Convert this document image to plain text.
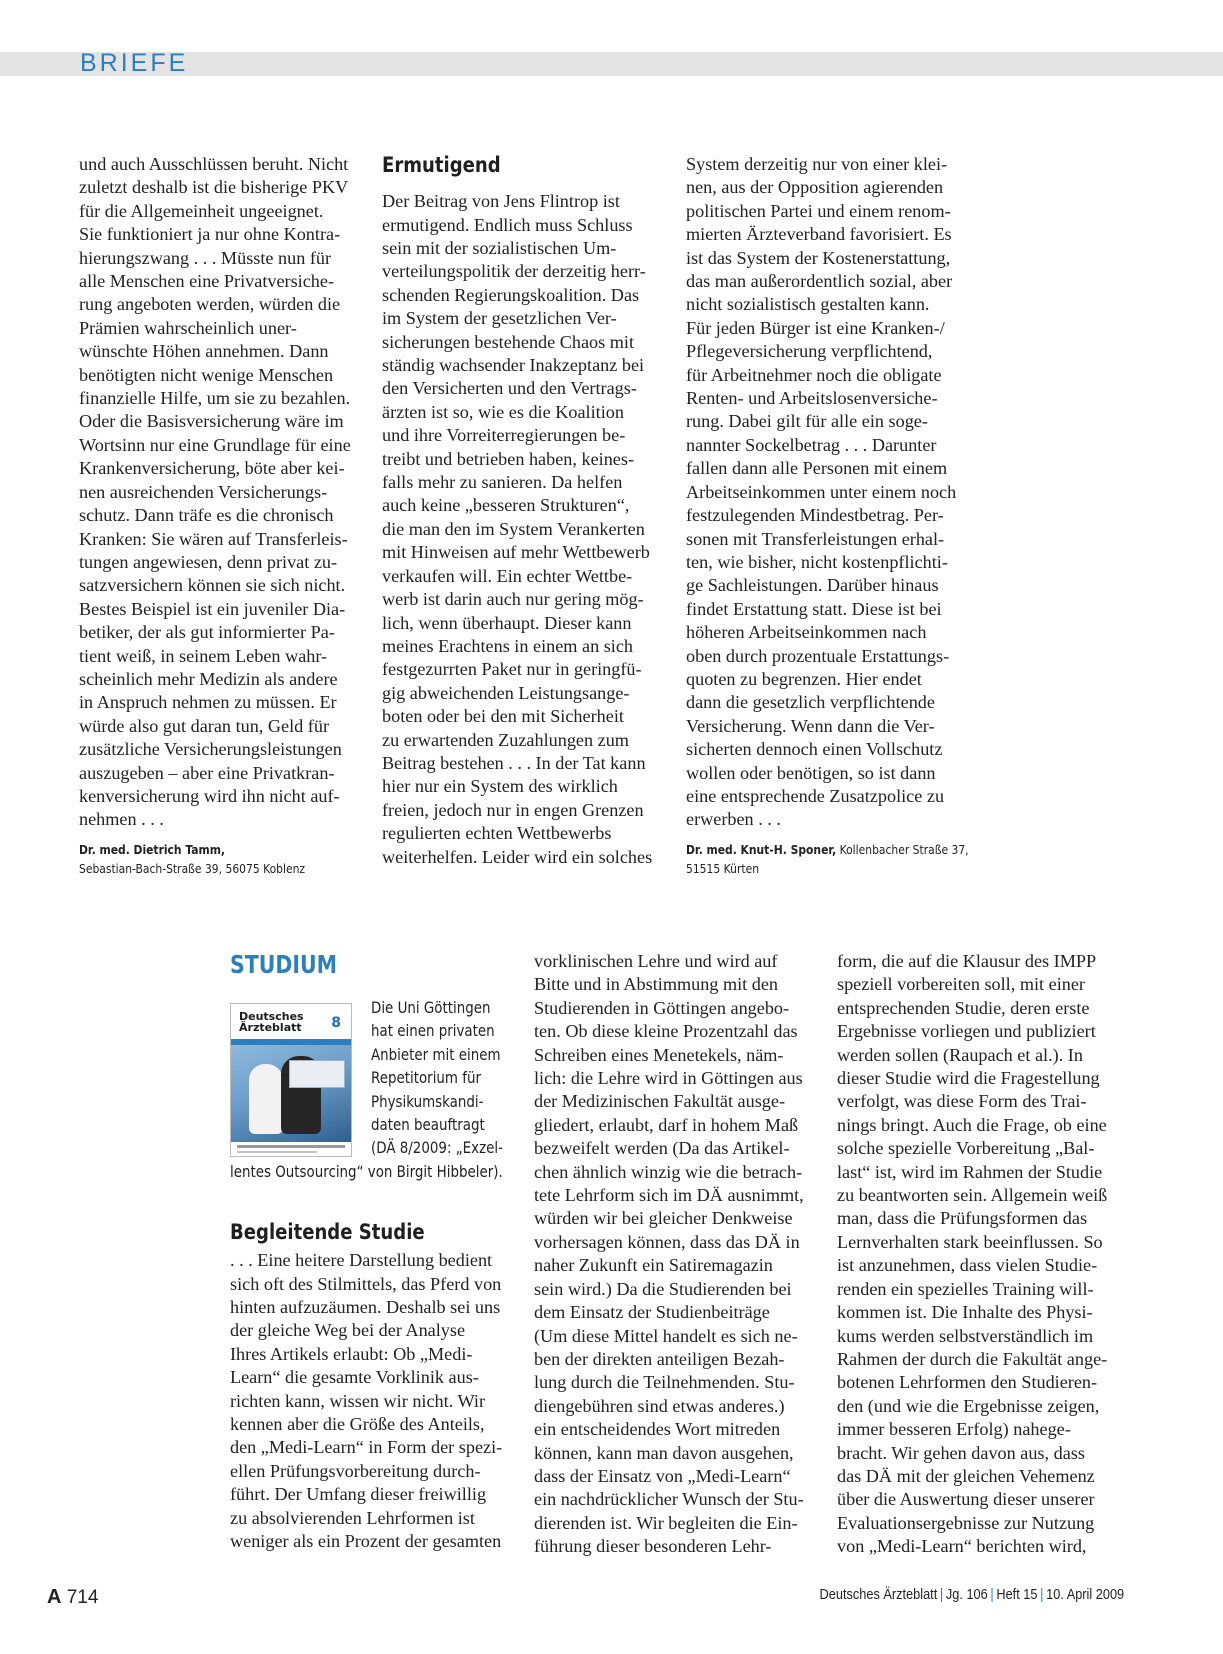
BRIEFE

und auch Ausschlüssen beruht. Nicht
zuletzt deshalb ist die bisherige PKV
für die Allgemeinheit ungeeignet.
Sie funktioniert ja nur ohne Kontra-
hierungszwang . . . Müsste nun für
alle Menschen eine Privatversiche-
rung angeboten werden, würden die
Prämien wahrscheinlich uner-
wünschte Höhen annehmen. Dann
benötigten nicht wenige Menschen
finanzielle Hilfe, um sie zu bezahlen.
Oder die Basisversicherung wäre im
Wortsinn nur eine Grundlage für eine
Krankenversicherung, böte aber kei-
nen ausreichenden Versicherungs-
schutz. Dann träfe es die chronisch
Kranken: Sie wären auf Transferleis-
tungen angewiesen, denn privat zu-
satzversichern können sie sich nicht.
Bestes Beispiel ist ein juveniler Dia-
betiker, der als gut informierter Pa-
tient weiß, in seinem Leben wahr-
scheinlich mehr Medizin als andere
in Anspruch nehmen zu müssen. Er
würde also gut daran tun, Geld für
zusätzliche Versicherungsleistungen
auszugeben – aber eine Privatkran-
kenversicherung wird ihn nicht auf-
nehmen . . .

Dr. med. Dietrich Tamm,
Sebastian-Bach-Straße 39, 56075 Koblenz
Ermutigend

Der Beitrag von Jens Flintrop ist
ermutigend. Endlich muss Schluss
sein mit der sozialistischen Um-
verteilungspolitik der derzeitig herr-
schenden Regierungskoalition. Das
im System der gesetzlichen Ver-
sicherungen bestehende Chaos mit
ständig wachsender Inakzeptanz bei
den Versicherten und den Vertrags-
ärzten ist so, wie es die Koalition
und ihre Vorreiterregierungen be-
treibt und betrieben haben, keines-
falls mehr zu sanieren. Da helfen
auch keine „besseren Strukturen“,
die man den im System Verankerten
mit Hinweisen auf mehr Wettbewerb
verkaufen will. Ein echter Wettbe-
werb ist darin auch nur gering mög-
lich, wenn überhaupt. Dieser kann
meines Erachtens in einem an sich
festgezurrten Paket nur in geringfü-
gig abweichenden Leistungsange-
boten oder bei den mit Sicherheit
zu erwartenden Zuzahlungen zum
Beitrag bestehen . . . In der Tat kann
hier nur ein System des wirklich
freien, jedoch nur in engen Grenzen
regulierten echten Wettbewerbs
weiterhelfen. Leider wird ein solches

System derzeitig nur von einer klei-
nen, aus der Opposition agierenden
politischen Partei und einem renom-
mierten Ärzteverband favorisiert. Es
ist das System der Kostenerstattung,
das man außerordentlich sozial, aber
nicht sozialistisch gestalten kann.
Für jeden Bürger ist eine Kranken-/
Pflegeversicherung verpflichtend,
für Arbeitnehmer noch die obligate
Renten- und Arbeitslosenversiche-
rung. Dabei gilt für alle ein soge-
nannter Sockelbetrag . . . Darunter
fallen dann alle Personen mit einem
Arbeitseinkommen unter einem noch
festzulegenden Mindestbetrag. Per-
sonen mit Transferleistungen erhal-
ten, wie bisher, nicht kostenpflichti-
ge Sachleistungen. Darüber hinaus
findet Erstattung statt. Diese ist bei
höheren Arbeitseinkommen nach
oben durch prozentuale Erstattungs-
quoten zu begrenzen. Hier endet
dann die gesetzlich verpflichtende
Versicherung. Wenn dann die Ver-
sicherten dennoch einen Vollschutz
wollen oder benötigen, so ist dann
eine entsprechende Zusatzpolice zu
erwerben . . .

Dr. med. Knut-H. Sponer, Kollenbacher Straße 37,
51515 Kürten
STUDIUM
Deutsches
Ärzteblatt 8
Die Uni Göttingen
hat einen privaten
Anbieter mit einem
Repetitorium für
Physikumskandi-
daten beauftragt
(DÄ 8/2009: „Exzel-
lentes Outsourcing“ von Birgit Hibbeler).
Begleitende Studie

. . . Eine heitere Darstellung bedient
sich oft des Stilmittels, das Pferd von
hinten aufzuzäumen. Deshalb sei uns
der gleiche Weg bei der Analyse
Ihres Artikels erlaubt: Ob „Medi-
Learn“ die gesamte Vorklinik aus-
richten kann, wissen wir nicht. Wir
kennen aber die Größe des Anteils,
den „Medi-Learn“ in Form der spezi-
ellen Prüfungsvorbereitung durch-
führt. Der Umfang dieser freiwillig
zu absolvierenden Lehrformen ist
weniger als ein Prozent der gesamten

vorklinischen Lehre und wird auf
Bitte und in Abstimmung mit den
Studierenden in Göttingen angebo-
ten. Ob diese kleine Prozentzahl das
Schreiben eines Menetekels, näm-
lich: die Lehre wird in Göttingen aus
der Medizinischen Fakultät ausge-
gliedert, erlaubt, darf in hohem Maß
bezweifelt werden (Da das Artikel-
chen ähnlich winzig wie die betrach-
tete Lehrform sich im DÄ ausnimmt,
würden wir bei gleicher Denkweise
vorhersagen können, dass das DÄ in
naher Zukunft ein Satiremagazin
sein wird.) Da die Studierenden bei
dem Einsatz der Studienbeiträge
(Um diese Mittel handelt es sich ne-
ben der direkten anteiligen Bezah-
lung durch die Teilnehmenden. Stu-
diengebühren sind etwas anderes.)
ein entscheidendes Wort mitreden
können, kann man davon ausgehen,
dass der Einsatz von „Medi-Learn“
ein nachdrücklicher Wunsch der Stu-
dierenden ist. Wir begleiten die Ein-
führung dieser besonderen Lehr-

form, die auf die Klausur des IMPP
speziell vorbereiten soll, mit einer
entsprechenden Studie, deren erste
Ergebnisse vorliegen und publiziert
werden sollen (Raupach et al.). In
dieser Studie wird die Fragestellung
verfolgt, was diese Form des Trai-
nings bringt. Auch die Frage, ob eine
solche spezielle Vorbereitung „Bal-
last“ ist, wird im Rahmen der Studie
zu beantworten sein. Allgemein weiß
man, dass die Prüfungsformen das
Lernverhalten stark beeinflussen. So
ist anzunehmen, dass vielen Studie-
renden ein spezielles Training will-
kommen ist. Die Inhalte des Physi-
kums werden selbstverständlich im
Rahmen der durch die Fakultät ange-
botenen Lehrformen den Studieren-
den (und wie die Ergebnisse zeigen,
immer besseren Erfolg) nahege-
bracht. Wir gehen davon aus, dass
das DÄ mit der gleichen Vehemenz
über die Auswertung dieser unserer
Evaluationsergebnisse zur Nutzung
von „Medi-Learn“ berichten wird,

A 714	Deutsches Ärzteblatt | Jg. 106 | Heft 15 | 10. April 2009
